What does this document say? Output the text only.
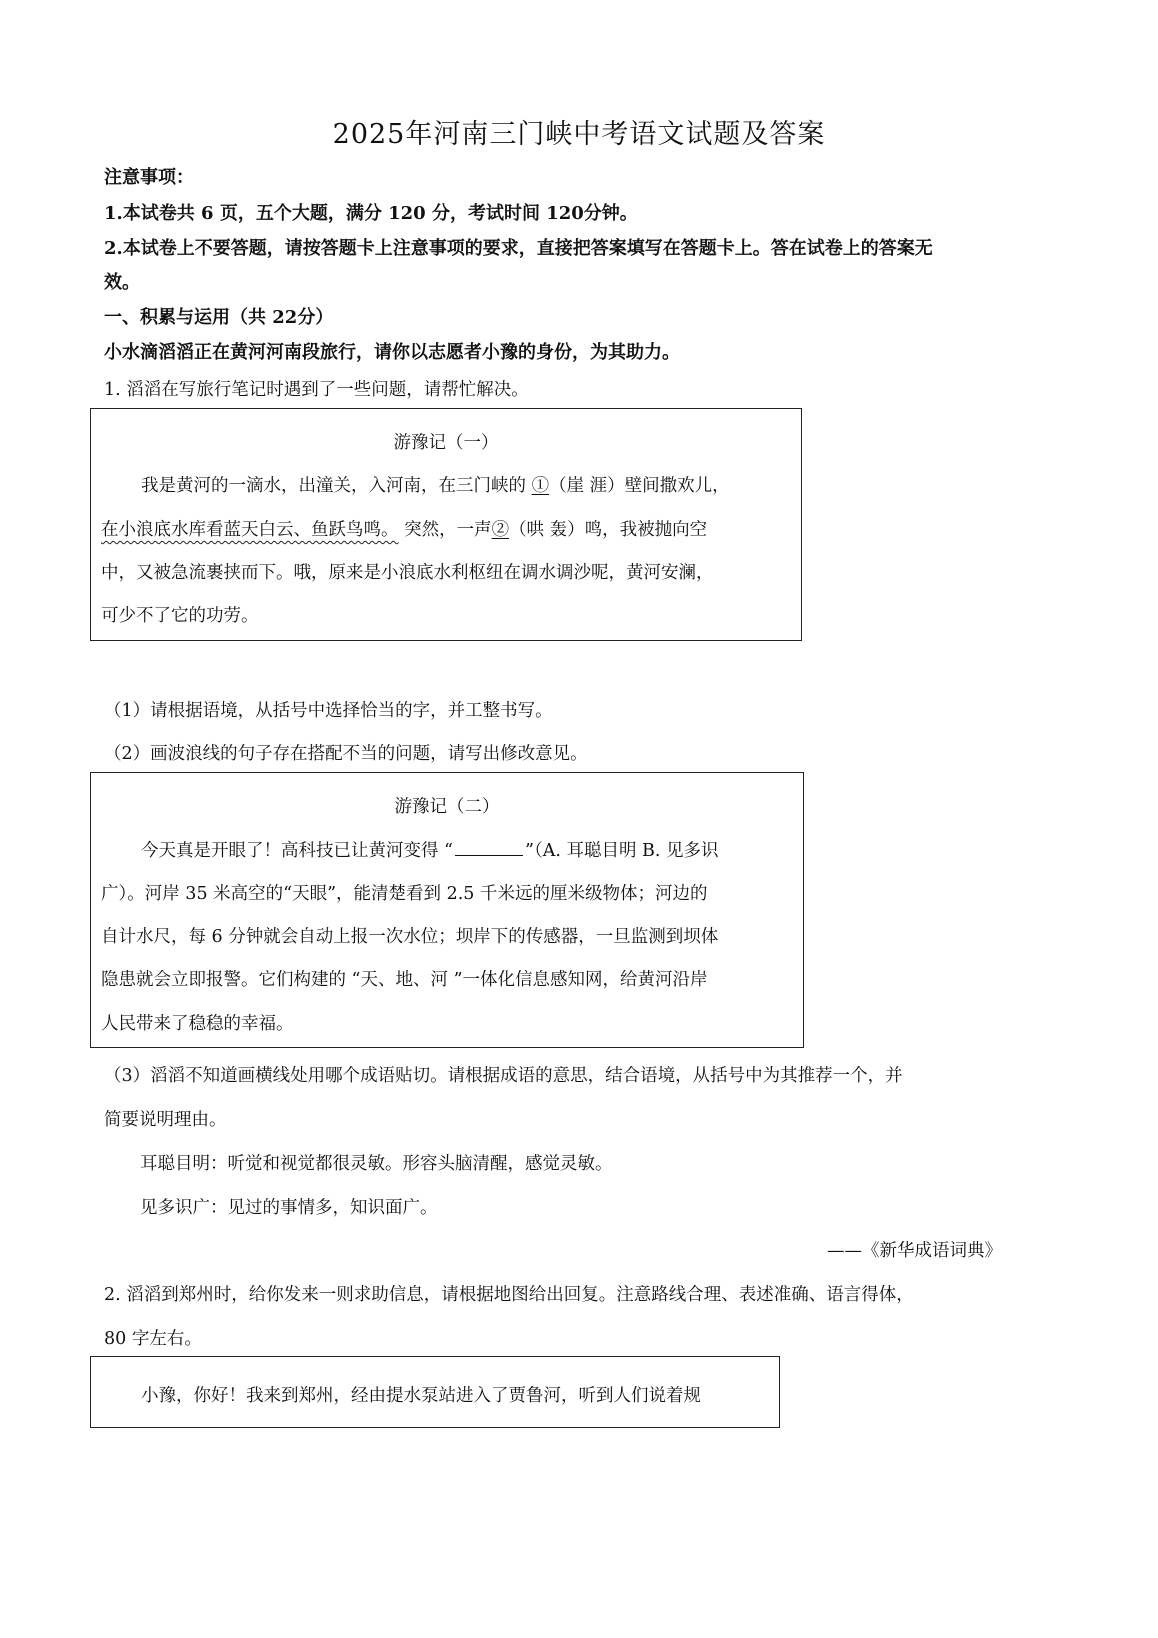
2025年河南三门峡中考语文试题及答案
注意事项：
1.本试卷共 6 页，五个大题，满分 120 分，考试时间 120分钟。
2.本试卷上不要答题，请按答题卡上注意事项的要求，直接把答案填写在答题卡上。答在试卷上的答案无
效。
一、积累与运用（共 22分）
小水滴滔滔正在黄河河南段旅行，请你以志愿者小豫的身份，为其助力。
1. 滔滔在写旅行笔记时遇到了一些问题，请帮忙解决。
游豫记（一）
我是黄河的一滴水，出潼关，入河南，在三门峡的 ①（崖 涯）壁间撒欢儿，
在小浪底水库看蓝天白云、鱼跃鸟鸣。 突然，一声②（哄 轰）鸣，我被抛向空
中，又被急流裹挟而下。哦，原来是小浪底水利枢纽在调水调沙呢，黄河安澜，
可少不了它的功劳。
（1）请根据语境，从括号中选择恰当的字，并工整书写。
（2）画波浪线的句子存在搭配不当的问题，请写出修改意见。
游豫记（二）
今天真是开眼了！高科技已让黄河变得 “	”（A. 耳聪目明 B. 见多识
广）。河岸 35 米高空的“天眼”，能清楚看到 2.5 千米远的厘米级物体；河边的
自计水尺，每 6 分钟就会自动上报一次水位；坝岸下的传感器，一旦监测到坝体
隐患就会立即报警。它们构建的 “天、地、河 ”一体化信息感知网，给黄河沿岸
人民带来了稳稳的幸福。
（3）滔滔不知道画横线处用哪个成语贴切。请根据成语的意思，结合语境，从括号中为其推荐一个，并
简要说明理由。
耳聪目明：听觉和视觉都很灵敏。形容头脑清醒，感觉灵敏。
见多识广：见过的事情多，知识面广。
——《新华成语词典》
2. 滔滔到郑州时，给你发来一则求助信息，请根据地图给出回复。注意路线合理、表述准确、语言得体，
80 字左右。
小豫，你好！我来到郑州，经由提水泵站进入了贾鲁河，听到人们说着规
